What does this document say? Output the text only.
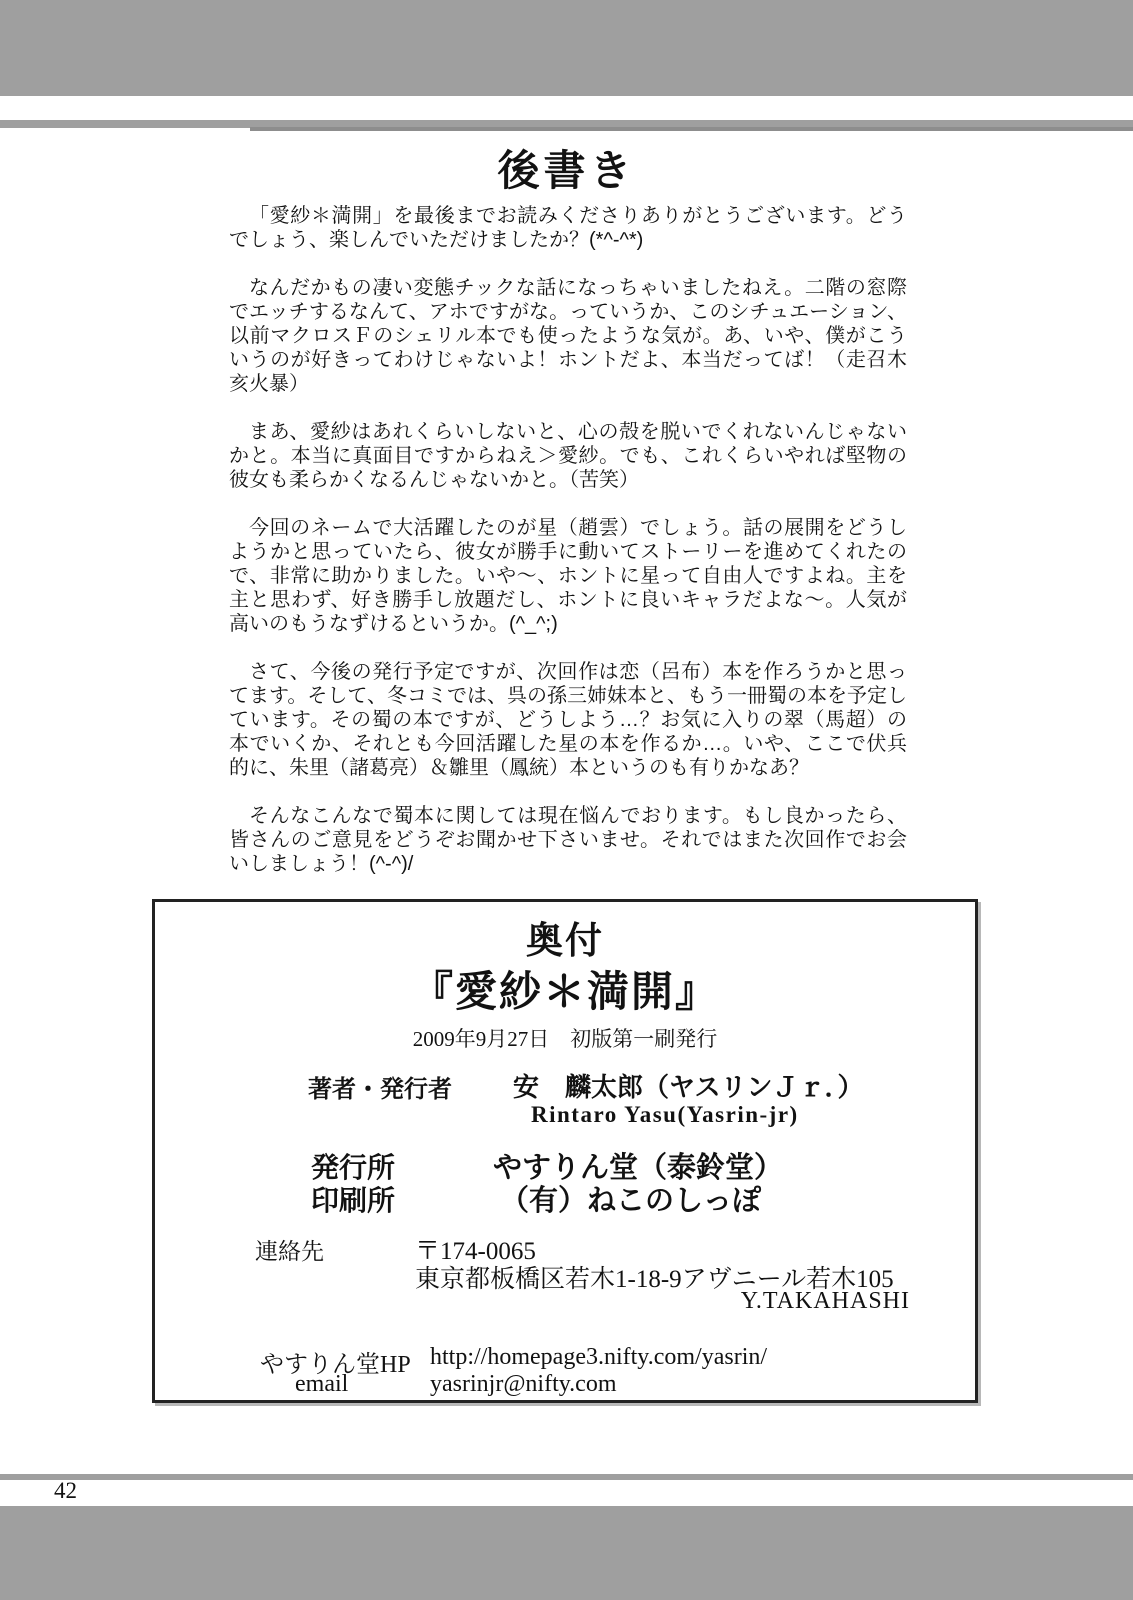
後書き

「愛紗＊満開」を最後までお読みくださりありがとうございます。どうでしょう、楽しんでいただけましたか？(*^-^*)

なんだかもの凄い変態チックな話になっちゃいましたねえ。二階の窓際でエッチするなんて、アホですがな。っていうか、このシチュエーション、以前マクロスＦのシェリル本でも使ったような気が。あ、いや、僕がこういうのが好きってわけじゃないよ！ホントだよ、本当だってば！（走召木亥火暴）

まあ、愛紗はあれくらいしないと、心の殻を脱いでくれないんじゃないかと。本当に真面目ですからねえ＞愛紗。でも、これくらいやれば堅物の彼女も柔らかくなるんじゃないかと。（苦笑）

今回のネームで大活躍したのが星（趙雲）でしょう。話の展開をどうしようかと思っていたら、彼女が勝手に動いてストーリーを進めてくれたので、非常に助かりました。いや〜、ホントに星って自由人ですよね。主を主と思わず、好き勝手し放題だし、ホントに良いキャラだよな〜。人気が高いのもうなずけるというか。(^_^;)

さて、今後の発行予定ですが、次回作は恋（呂布）本を作ろうかと思ってます。そして、冬コミでは、呉の孫三姉妹本と、もう一冊蜀の本を予定しています。その蜀の本ですが、どうしよう…？お気に入りの翠（馬超）の本でいくか、それとも今回活躍した星の本を作るか…。いや、ここで伏兵的に、朱里（諸葛亮）＆雛里（鳳統）本というのも有りかなあ？

そんなこんなで蜀本に関しては現在悩んでおります。もし良かったら、皆さんのご意見をどうぞお聞かせ下さいませ。それではまた次回作でお会いしましょう！(^-^)/

奥付
『愛紗＊満開』
2009年9月27日　初版第一刷発行
著者・発行者 安　麟太郎（ヤスリンＪｒ．）
Rintaro Yasu(Yasrin-jr)
発行所	やすりん堂（泰鈴堂）
印刷所	（有）ねこのしっぽ
連絡先	〒174-0065
東京都板橋区若木1-18-9アヴニール若木105
Y.TAKAHASHI
やすりん堂HP http://homepage3.nifty.com/yasrin/
email	yasrinjr@nifty.com
42
